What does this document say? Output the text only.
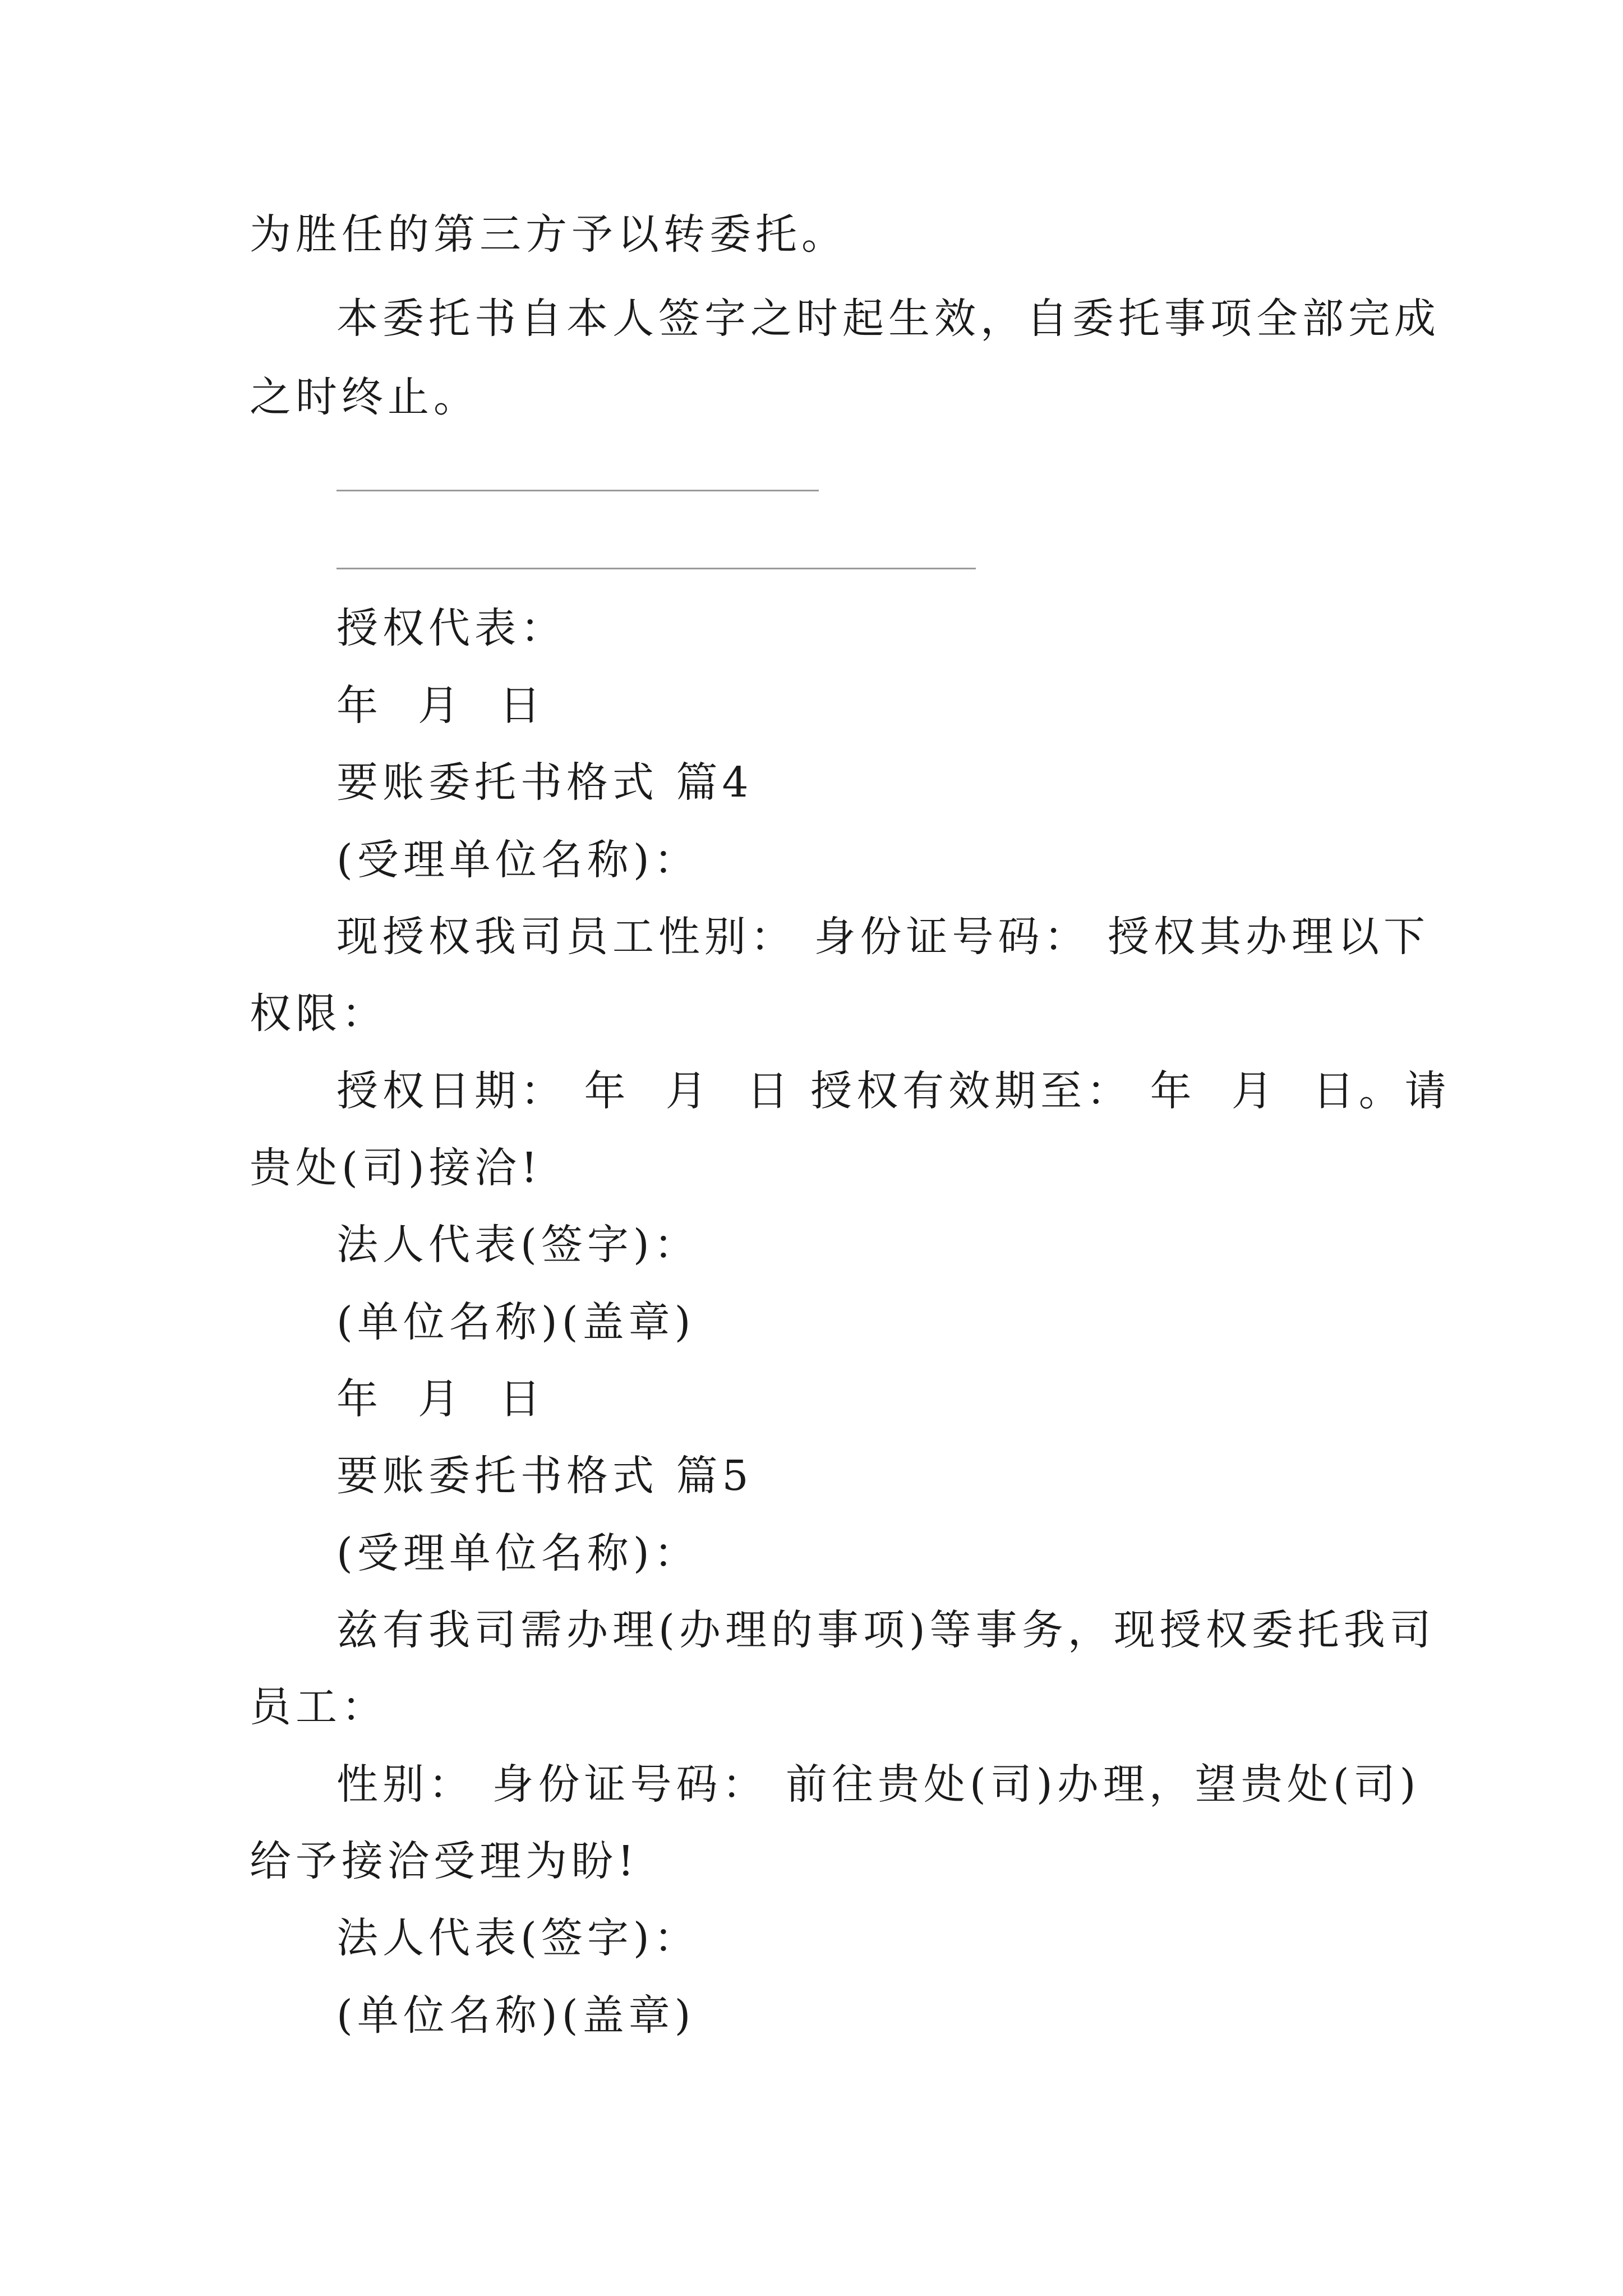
为胜任的第三方予以转委托。
本委托书自本人签字之时起生效，自委托事项全部完成
之时终止。
授权代表：
年  月  日
要账委托书格式 篇4
(受理单位名称)：
现授权我司员工性别： 身份证号码： 授权其办理以下
权限：
授权日期： 年  月  日 授权有效期至： 年  月  日。请
贵处(司)接洽!
法人代表(签字)：
(单位名称)(盖章)
年  月  日
要账委托书格式 篇5
(受理单位名称)：
兹有我司需办理(办理的事项)等事务，现授权委托我司
员工：
性别： 身份证号码： 前往贵处(司)办理，望贵处(司)
给予接洽受理为盼!
法人代表(签字)：
(单位名称)(盖章)
